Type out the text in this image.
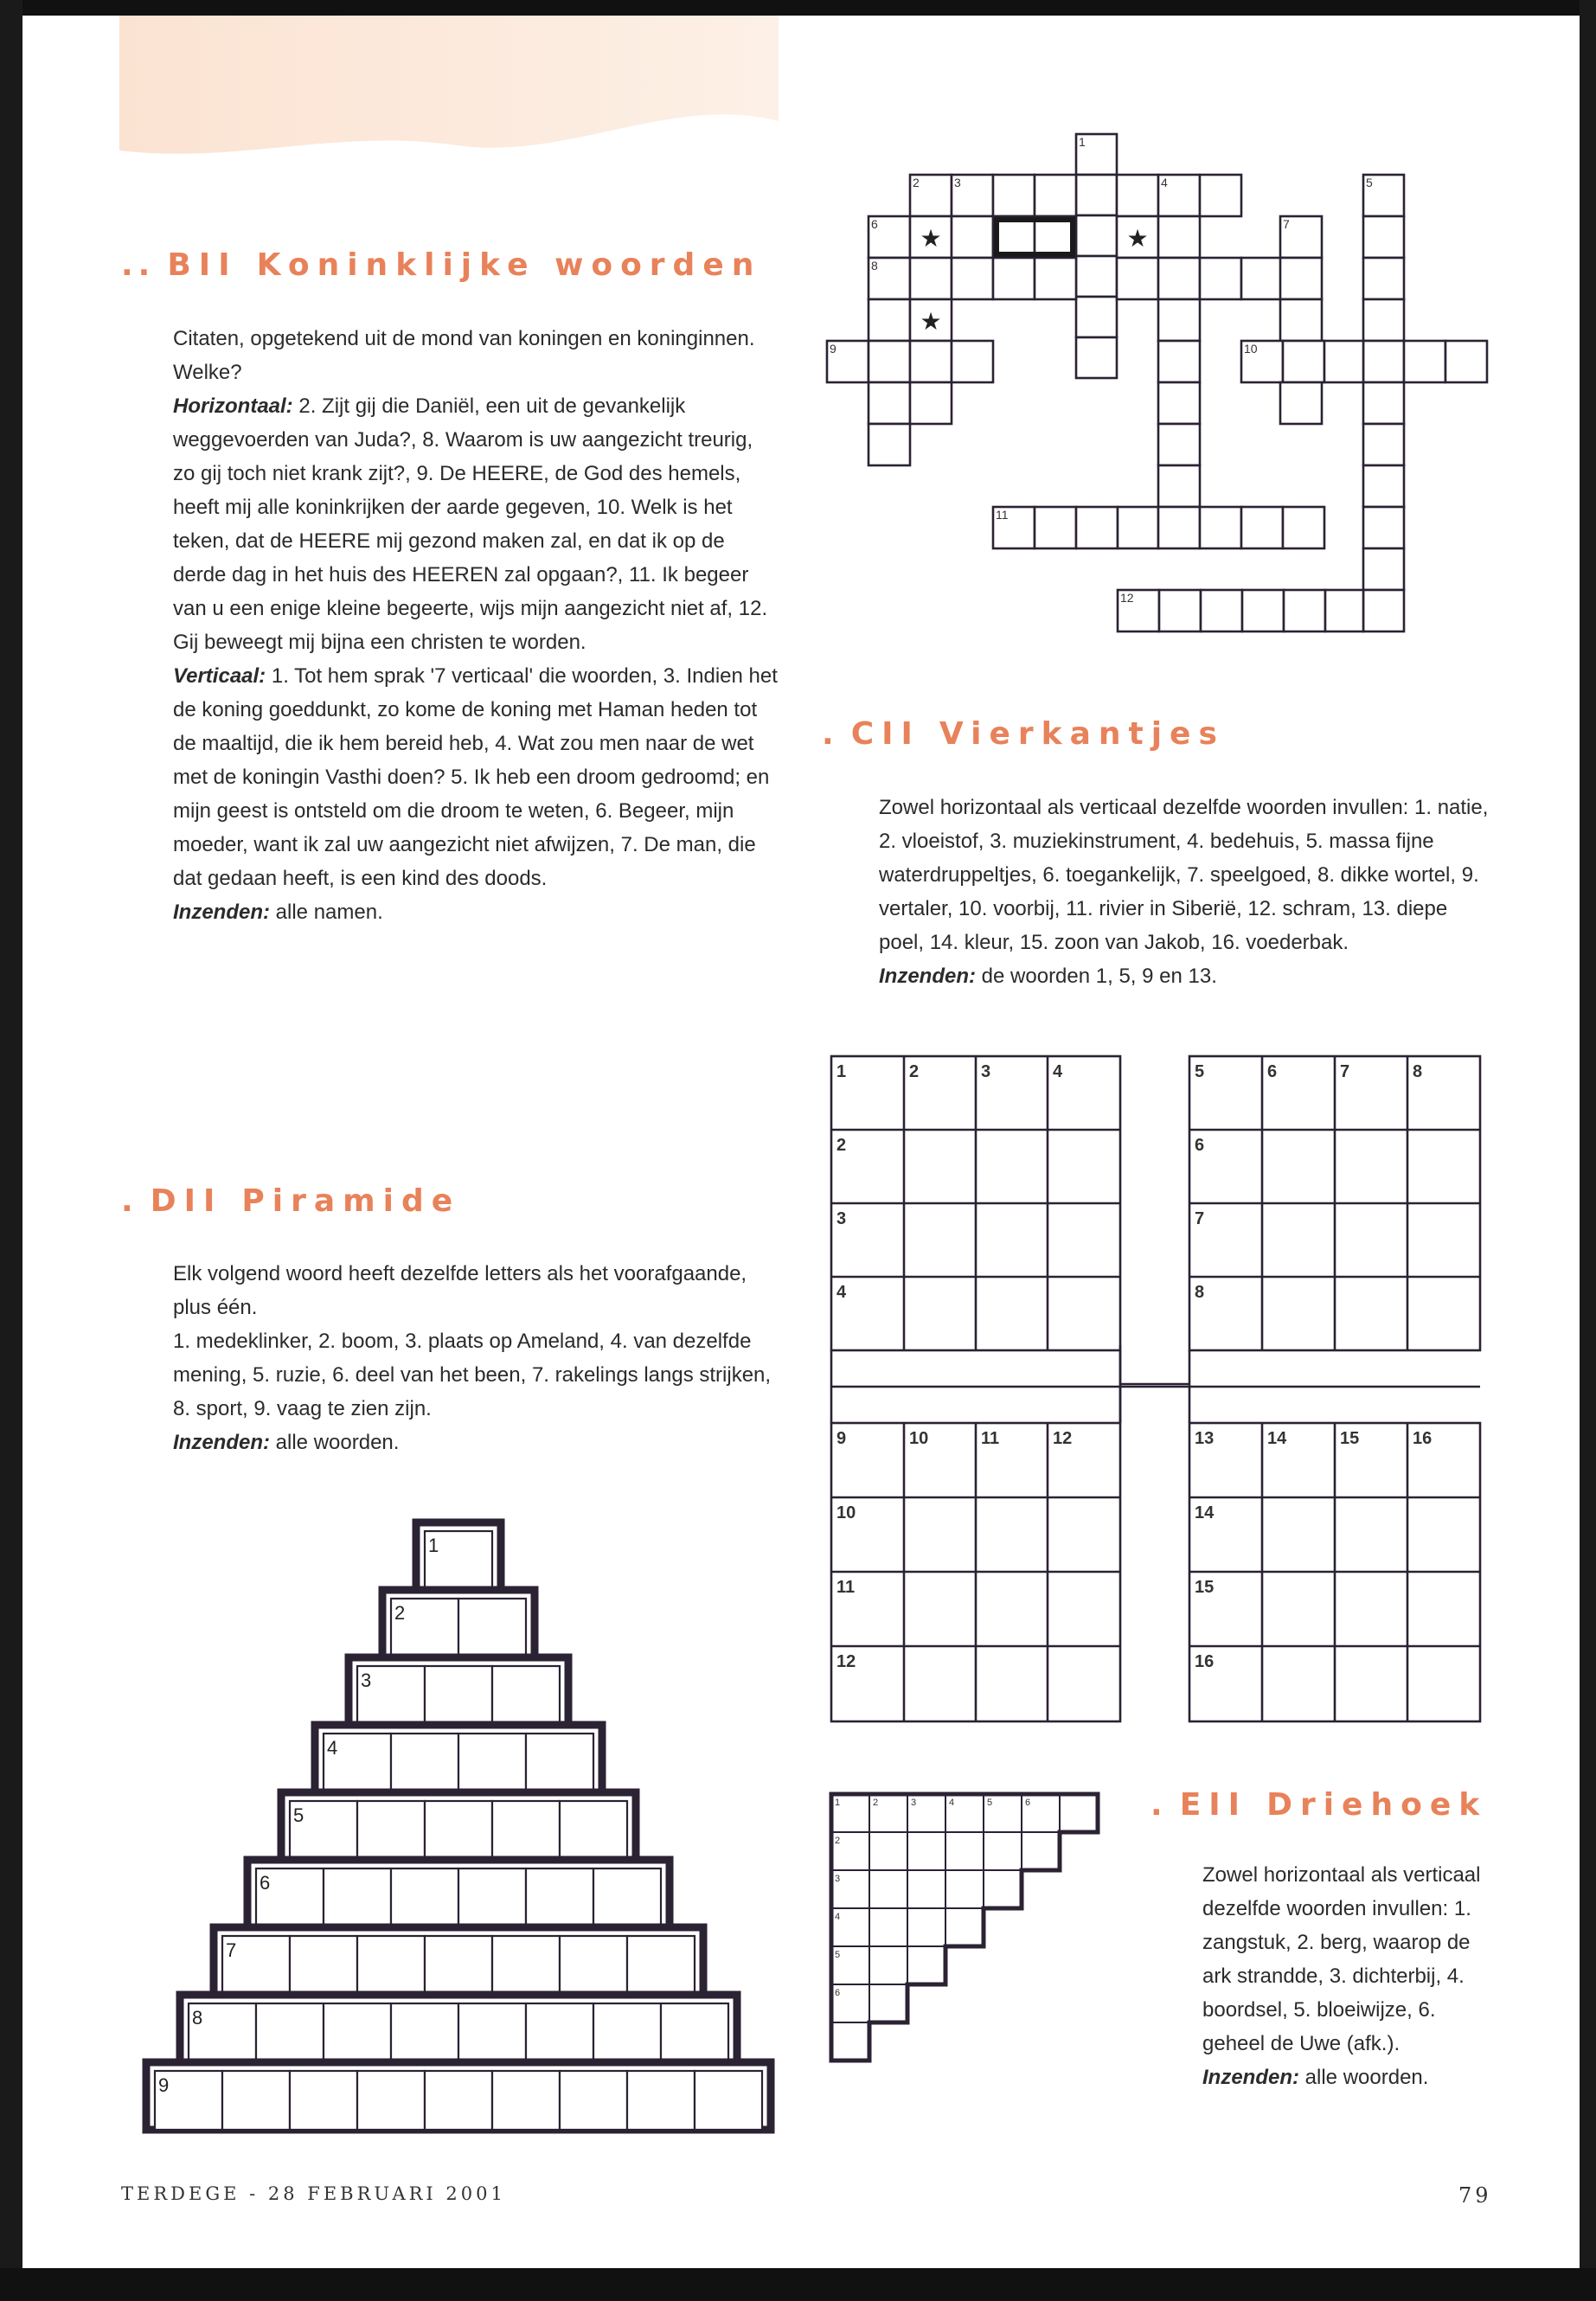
.. BII Koninklijke woorden

Citaten, opgetekend uit de mond van koningen en koninginnen. Welke?

Horizontaal: 2. Zijt gij die Daniël, een uit de gevankelijk weggevoerden van Juda?, 8. Waarom is uw aangezicht treurig, zo gij toch niet krank zijt?, 9. De HEERE, de God des hemels, heeft mij alle koninkrijken der aarde gegeven, 10. Welk is het teken, dat de HEERE mij gezond maken zal, en dat ik op de derde dag in het huis des HEEREN zal opgaan?, 11. Ik begeer van u een enige kleine begeerte, wijs mijn aangezicht niet af, 12. Gij beweegt mij bijna een christen te worden.

Verticaal: 1. Tot hem sprak '7 verticaal' die woorden, 3. Indien het de koning goeddunkt, zo kome de koning met Haman heden tot de maaltijd, die ik hem bereid heb, 4. Wat zou men naar de wet met de koningin Vasthi doen? 5. Ik heb een droom gedroomd; en mijn geest is ontsteld om die droom te weten, 6. Begeer, mijn moeder, want ik zal uw aangezicht niet afwijzen, 7. De man, die dat gedaan heeft, is een kind des doods.

Inzenden: alle namen.

1
2	3	4	5
6	7
8
9	10
11
12
★	★
★
. CII Vierkantjes

Zowel horizontaal als verticaal dezelfde woorden invullen: 1. natie, 2. vloeistof, 3. muziekinstrument, 4. bedehuis, 5. massa fijne waterdruppeltjes, 6. toegankelijk, 7. speelgoed, 8. dikke wortel, 9. vertaler, 10. voorbij, 11. rivier in Siberië, 12. schram, 13. diepe poel, 14. kleur, 15. zoon van Jakob, 16. voederbak.

Inzenden: de woorden 1, 5, 9 en 13.

1	2	3	4
2
3
4
5	6	7	8
6
7
8
9	10	11	12
10
11
12
13	14	15	16
14
15
16
. DII Piramide

Elk volgend woord heeft dezelfde letters als het voorafgaande, plus één.

1. medeklinker, 2. boom, 3. plaats op Ameland, 4. van dezelfde mening, 5. ruzie, 6. deel van het been, 7. rakelings langs strijken, 8. sport, 9. vaag te zien zijn.

Inzenden: alle woorden.

1
2
3
4
5
6
7
8
9
1	2	3	4	5	6
2
3
4
5
6
. EII Driehoek

Zowel horizontaal als verticaal dezelfde woorden invullen: 1. zangstuk, 2. berg, waarop de ark strandde, 3. dichterbij, 4. boordsel, 5. bloeiwijze, 6. geheel de Uwe (afk.).

Inzenden: alle woorden.

TERDEGE - 28 FEBRUARI 2001	79
